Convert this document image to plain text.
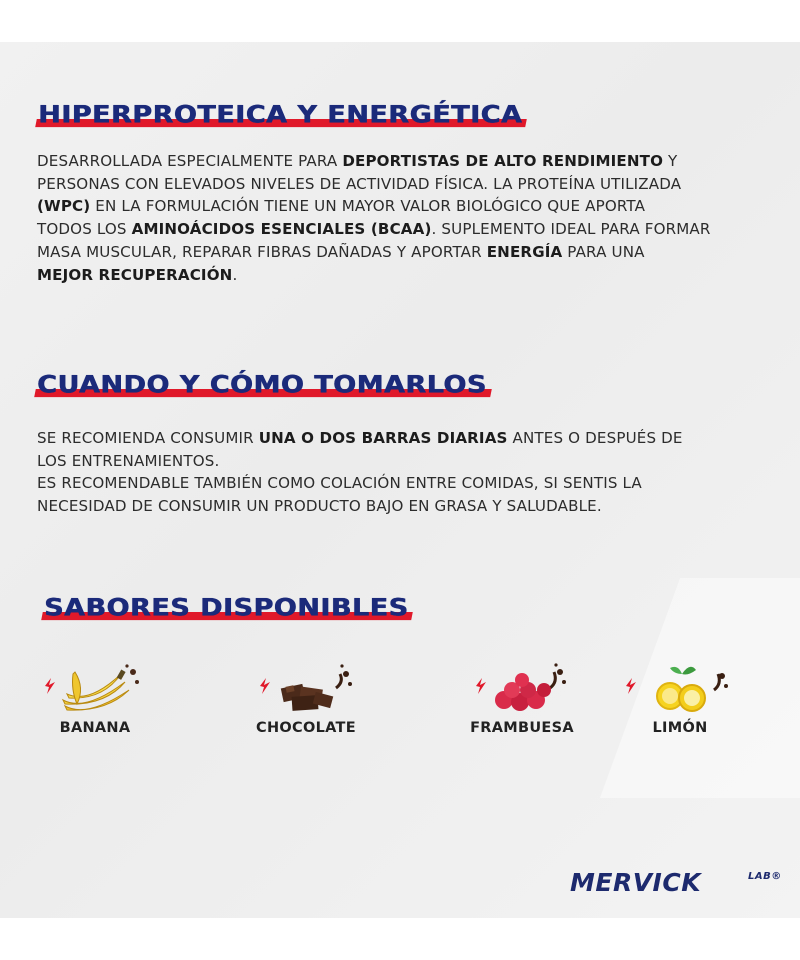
HIPERPROTEICA Y ENERGÉTICA
DESARROLLADA ESPECIALMENTE PARA DEPORTISTAS DE ALTO RENDIMIENTO Y
PERSONAS CON ELEVADOS NIVELES DE ACTIVIDAD FÍSICA. LA PROTEÍNA UTILIZADA
(WPC) EN LA FORMULACIÓN TIENE UN MAYOR VALOR BIOLÓGICO QUE APORTA
TODOS LOS AMINOÁCIDOS ESENCIALES (BCAA). SUPLEMENTO IDEAL PARA FORMAR
MASA MUSCULAR, REPARAR FIBRAS DAÑADAS Y APORTAR ENERGÍA PARA UNA
MEJOR RECUPERACIÓN.
CUANDO Y CÓMO TOMARLOS
SE RECOMIENDA CONSUMIR UNA O DOS BARRAS DIARIAS ANTES O DESPUÉS DE
LOS ENTRENAMIENTOS.
ES RECOMENDABLE TAMBIÉN COMO COLACIÓN ENTRE COMIDAS, SI SENTIS LA
NECESIDAD DE CONSUMIR UN PRODUCTO BAJO EN GRASA Y SALUDABLE.
SABORES DISPONIBLES
BANANA	CHOCOLATE	FRAMBUESA	LIMÓN
MERVICK	LAB®
